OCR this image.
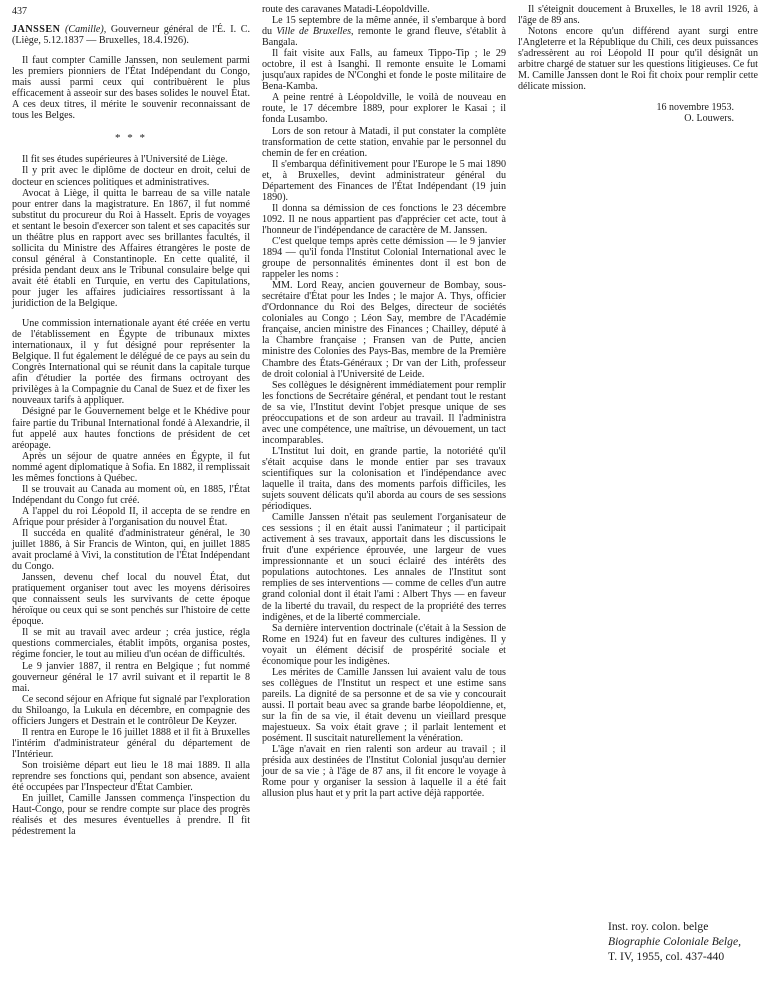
437

JANSSEN (Camille), Gouverneur général de l'É. I. C. (Liège, 5.12.1837 — Bruxelles, 18.4.1926).

Il faut compter Camille Janssen, non seulement parmi les premiers pionniers de l'État Indépendant du Congo, mais aussi parmi ceux qui contribuèrent le plus efficacement à asseoir sur des bases solides le nouvel État. A ces deux titres, il mérite le souvenir reconnaissant de tous les Belges.

* * *

Il fit ses études supérieures à l'Université de Liège.

Il y prit avec le diplôme de docteur en droit, celui de docteur en sciences politiques et administratives.

Avocat à Liège, il quitta le barreau de sa ville natale pour entrer dans la magistrature. En 1867, il fut nommé substitut du procureur du Roi à Hasselt. Epris de voyages et sentant le besoin d'exercer son talent et ses capacités sur un théâtre plus en rapport avec ses brillantes facultés, il sollicita du Ministre des Affaires étrangères le poste de consul général à Constantinople. En cette qualité, il présida pendant deux ans le Tribunal consulaire belge qui avait été établi en Turquie, en vertu des Capitulations, pour juger les affaires judiciaires ressortissant à la juridiction de la Belgique.

Une commission internationale ayant été créée en vertu de l'établissement en Égypte de tribunaux mixtes internationaux, il y fut désigné pour représenter la Belgique. Il fut également le délégué de ce pays au sein du Congrès International qui se réunit dans la capitale turque afin d'étudier la portée des firmans octroyant des privilèges à la Compagnie du Canal de Suez et de fixer les nouveaux tarifs à appliquer.

Désigné par le Gouvernement belge et le Khédive pour faire partie du Tribunal International fondé à Alexandrie, il fut appelé aux hautes fonctions de président de cet aréopage.

Après un séjour de quatre années en Égypte, il fut nommé agent diplomatique à Sofia. En 1882, il remplissait les mêmes fonctions à Québec.

Il se trouvait au Canada au moment où, en 1885, l'État Indépendant du Congo fut créé.

A l'appel du roi Léopold II, il accepta de se rendre en Afrique pour présider à l'organisation du nouvel État.

Il succéda en qualité d'administrateur général, le 30 juillet 1886, à Sir Francis de Winton, qui, en juillet 1885 avait proclamé à Vivi, la constitution de l'État Indépendant du Congo.

Janssen, devenu chef local du nouvel État, dut pratiquement organiser tout avec les moyens dérisoires que connaissent seuls les survivants de cette époque héroïque ou ceux qui se sont penchés sur l'histoire de cette époque.

Il se mit au travail avec ardeur ; créa justice, régla questions commerciales, établit impôts, organisa postes, régime foncier, le tout au milieu d'un océan de difficultés.

Le 9 janvier 1887, il rentra en Belgique ; fut nommé gouverneur général le 17 avril suivant et il repartit le 8 mai.

Ce second séjour en Afrique fut signalé par l'exploration du Shiloango, la Lukula en décembre, en compagnie des officiers Jungers et Destrain et le contrôleur De Keyzer.

Il rentra en Europe le 16 juillet 1888 et il fit à Bruxelles l'intérim d'administrateur général du département de l'Intérieur.

Son troisième départ eut lieu le 18 mai 1889. Il alla reprendre ses fonctions qui, pendant son absence, avaient été occupées par l'Inspecteur d'État Cambier.

En juillet, Camille Janssen commença l'inspection du Haut-Congo, pour se rendre compte sur place des progrès réalisés et des mesures éventuelles à prendre. Il fit pédestrement la

route des caravanes Matadi-Léopoldville.

Le 15 septembre de la même année, il s'embarque à bord du Ville de Bruxelles, remonte le grand fleuve, s'établit à Bangala.

Il fait visite aux Falls, au fameux Tippo-Tip ; le 29 octobre, il est à Isanghi. Il remonte ensuite le Lomami jusqu'aux rapides de N'Conghi et fonde le poste militaire de Bena-Kamba.

A peine rentré à Léopoldville, le voilà de nouveau en route, le 17 décembre 1889, pour explorer le Kasai ; il fonda Lusambo.

Lors de son retour à Matadi, il put constater la complète transformation de cette station, envahie par le personnel du chemin de fer en création.

Il s'embarqua définitivement pour l'Europe le 5 mai 1890 et, à Bruxelles, devint administrateur général du Département des Finances de l'État Indépendant (19 juin 1890).

Il donna sa démission de ces fonctions le 23 décembre 1092. Il ne nous appartient pas d'apprécier cet acte, tout à l'honneur de l'indépendance de caractère de M. Janssen.

C'est quelque temps après cette démission — le 9 janvier 1894 — qu'il fonda l'Institut Colonial International avec le groupe de personnalités éminentes dont il est bon de rappeler les noms :

MM. Lord Reay, ancien gouverneur de Bombay, sous-secrétaire d'État pour les Indes ; le major A. Thys, officier d'Ordonnance du Roi des Belges, directeur de sociétés coloniales au Congo ; Léon Say, membre de l'Académie française, ancien ministre des Finances ; Chailley, député à la Chambre française ; Fransen van de Putte, ancien ministre des Colonies des Pays-Bas, membre de la Première Chambre des États-Généraux ; Dr van der Lith, professeur de droit colonial à l'Université de Leide.

Ses collègues le désignèrent immédiatement pour remplir les fonctions de Secrétaire général, et pendant tout le restant de sa vie, l'Institut devint l'objet presque unique de ses préoccupations et de son ardeur au travail. Il l'administra avec une compétence, une maîtrise, un dévouement, un tact incomparables.

L'Institut lui doit, en grande partie, la notoriété qu'il s'était acquise dans le monde entier par ses travaux scientifiques sur la colonisation et l'indépendance avec laquelle il traita, dans des moments parfois difficiles, les sujets souvent délicats qu'il aborda au cours de ses sessions périodiques.

Camille Janssen n'était pas seulement l'organisateur de ces sessions ; il en était aussi l'animateur ; il participait activement à ses travaux, apportait dans les discussions le fruit d'une expérience éprouvée, une largeur de vues impressionnante et un souci éclairé des intérêts des populations autochtones. Les annales de l'Institut sont remplies de ses interventions — comme de celles d'un autre grand colonial dont il était l'ami : Albert Thys — en faveur de la liberté du travail, du respect de la propriété des terres indigènes, et de la liberté commerciale.

Sa dernière intervention doctrinale (c'était à la Session de Rome en 1924) fut en faveur des cultures indigènes. Il y voyait un élément décisif de prospérité sociale et économique pour les indigènes.

Les mérites de Camille Janssen lui avaient valu de tous ses collègues de l'Institut un respect et une estime sans pareils. La dignité de sa personne et de sa vie y concourait aussi. Il portait beau avec sa grande barbe léopoldienne, et, sur la fin de sa vie, il était devenu un vieillard presque majestueux. Sa voix était grave ; il parlait lentement et posément. Il suscitait naturellement la vénération.

L'âge n'avait en rien ralenti son ardeur au travail ; il présida aux destinées de l'Institut Colonial jusqu'au dernier jour de sa vie ; à l'âge de 87 ans, il fit encore le voyage à Rome pour y organiser la session à laquelle il a été fait allusion plus haut et y prit la part active déjà rapportée.

Il s'éteignit doucement à Bruxelles, le 18 avril 1926, à l'âge de 89 ans.

Notons encore qu'un différend ayant surgi entre l'Angleterre et la République du Chili, ces deux puissances s'adressèrent au roi Léopold II pour qu'il désignât un arbitre chargé de statuer sur les questions litigieuses. Ce fut M. Camille Janssen dont le Roi fit choix pour remplir cette délicate mission.

16 novembre 1953.
O. Louwers.
Inst. roy. colon. belge
Biographie Coloniale Belge,
T. IV, 1955, col. 437-440
